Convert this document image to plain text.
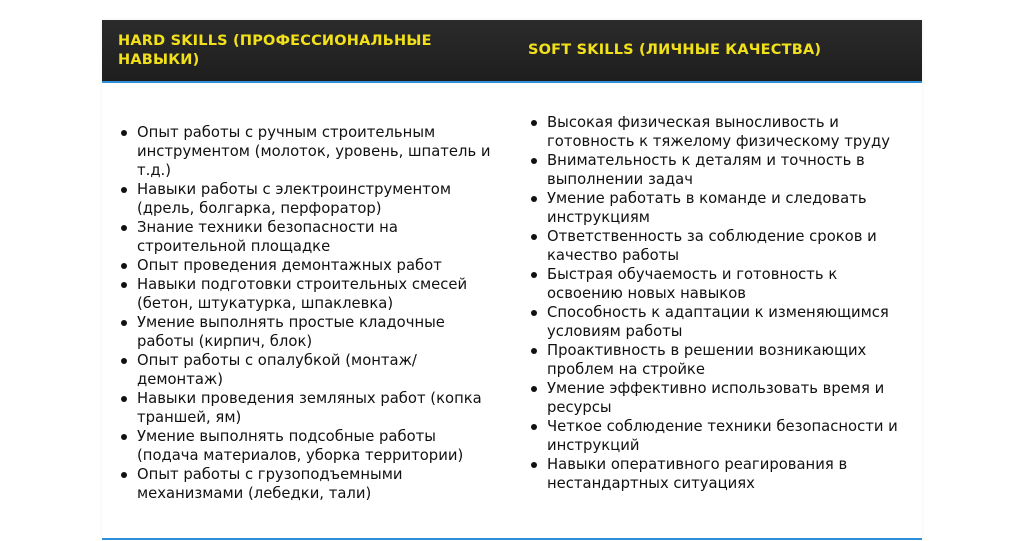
HARD SKILLS (ПРОФЕССИОНАЛЬНЫЕ НАВЫКИ)
SOFT SKILLS (ЛИЧНЫЕ КАЧЕСТВА)
Опыт работы с ручным строительным инструментом (молоток, уровень, шпатель и т.д.)
Навыки работы с электроинструментом (дрель, болгарка, перфоратор)
Знание техники безопасности на строительной площадке
Опыт проведения демонтажных работ
Навыки подготовки строительных смесей (бетон, штукатурка, шпаклевка)
Умение выполнять простые кладочные работы (кирпич, блок)
Опыт работы с опалубкой (монтаж/демонтаж)
Навыки проведения земляных работ (копка траншей, ям)
Умение выполнять подсобные работы (подача материалов, уборка территории)
Опыт работы с грузоподъемными механизмами (лебедки, тали)
Высокая физическая выносливость и готовность к тяжелому физическому труду
Внимательность к деталям и точность в выполнении задач
Умение работать в команде и следовать инструкциям
Ответственность за соблюдение сроков и качество работы
Быстрая обучаемость и готовность к освоению новых навыков
Способность к адаптации к изменяющимся условиям работы
Проактивность в решении возникающих проблем на стройке
Умение эффективно использовать время и ресурсы
Четкое соблюдение техники безопасности и инструкций
Навыки оперативного реагирования в нестандартных ситуациях
